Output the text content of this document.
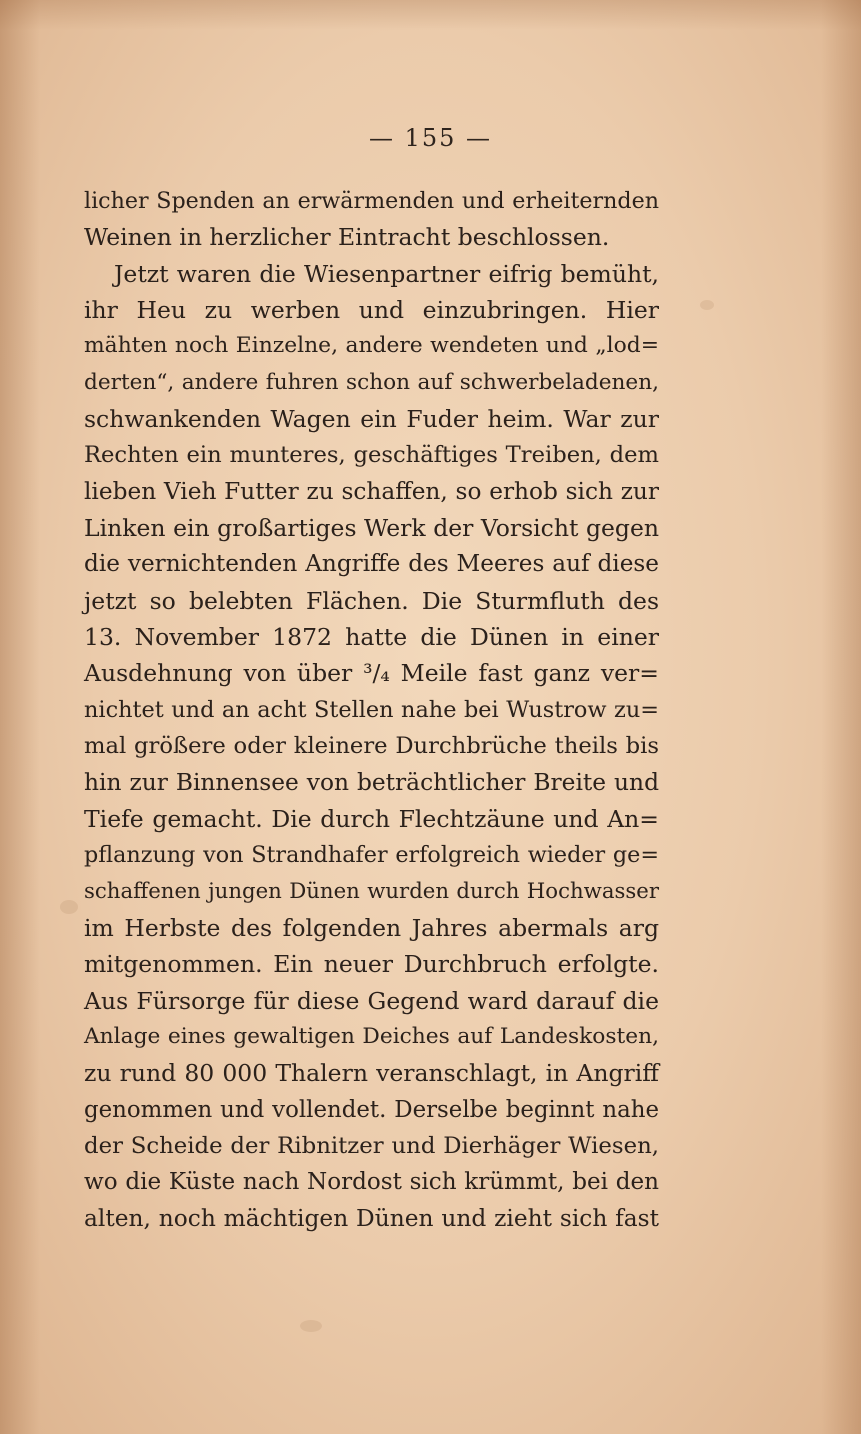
— 155 —
licher Spenden an erwärmenden und erheiternden
Weinen in herzlicher Eintracht beschlossen.
Jetzt waren die Wiesenpartner eifrig bemüht,
ihr Heu zu werben und einzubringen. Hier
mähten noch Einzelne, andere wendeten und „lod=
derten“, andere fuhren schon auf schwerbeladenen,
schwankenden Wagen ein Fuder heim. War zur
Rechten ein munteres, geschäftiges Treiben, dem
lieben Vieh Futter zu schaffen, so erhob sich zur
Linken ein großartiges Werk der Vorsicht gegen
die vernichtenden Angriffe des Meeres auf diese
jetzt so belebten Flächen. Die Sturmfluth des
13. November 1872 hatte die Dünen in einer
Ausdehnung von über ³/₄ Meile fast ganz ver=
nichtet und an acht Stellen nahe bei Wustrow zu=
mal größere oder kleinere Durchbrüche theils bis
hin zur Binnensee von beträchtlicher Breite und
Tiefe gemacht. Die durch Flechtzäune und An=
pflanzung von Strandhafer erfolgreich wieder ge=
schaffenen jungen Dünen wurden durch Hochwasser
im Herbste des folgenden Jahres abermals arg
mitgenommen. Ein neuer Durchbruch erfolgte.
Aus Fürsorge für diese Gegend ward darauf die
Anlage eines gewaltigen Deiches auf Landeskosten,
zu rund 80 000 Thalern veranschlagt, in Angriff
genommen und vollendet. Derselbe beginnt nahe
der Scheide der Ribnitzer und Dierhäger Wiesen,
wo die Küste nach Nordost sich krümmt, bei den
alten, noch mächtigen Dünen und zieht sich fast
